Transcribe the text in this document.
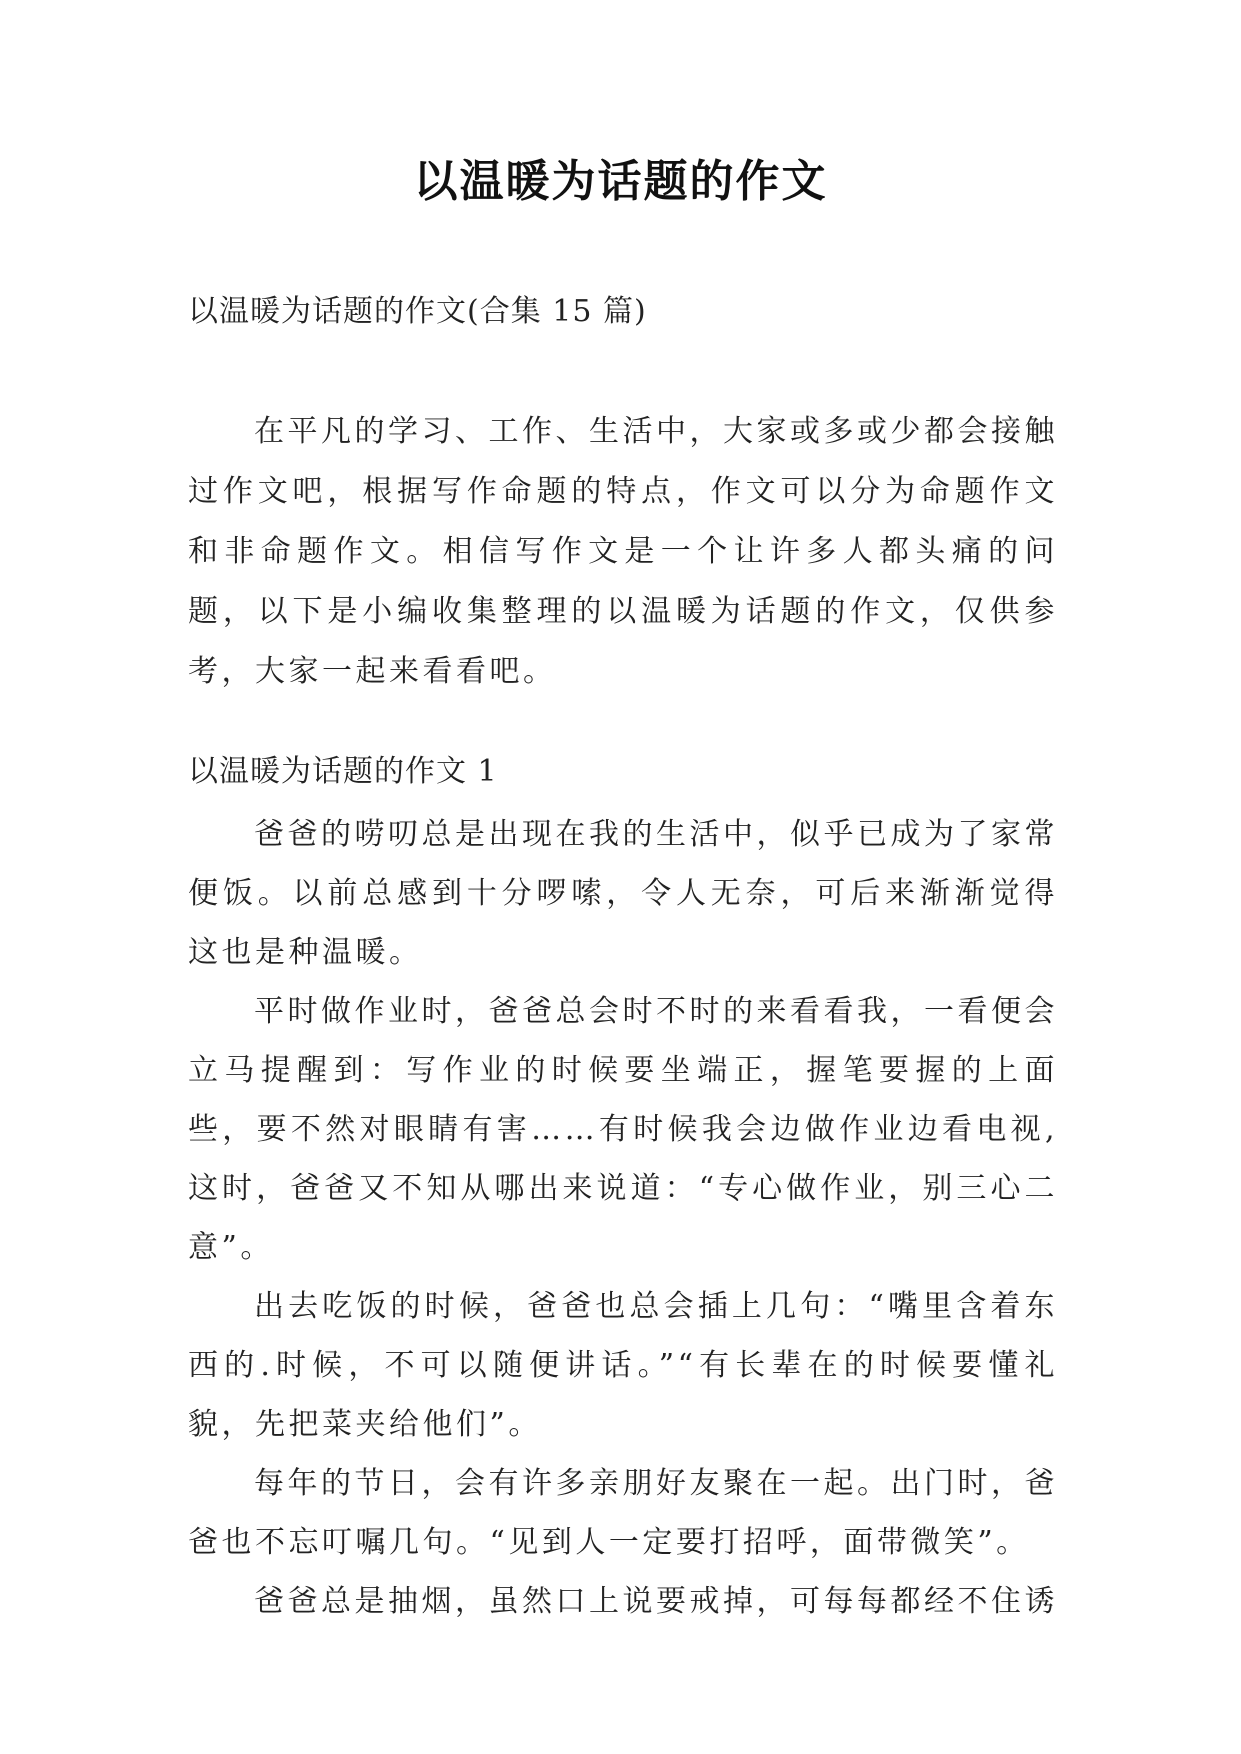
以温暖为话题的作文

以温暖为话题的作文(合集 15 篇)

在平凡的学习、工作、生活中，大家或多或少都会接触过作文吧，根据写作命题的特点，作文可以分为命题作文和非命题作文。相信写作文是一个让许多人都头痛的问题，以下是小编收集整理的以温暖为话题的作文，仅供参考，大家一起来看看吧。

以温暖为话题的作文 1

爸爸的唠叨总是出现在我的生活中，似乎已成为了家常便饭。以前总感到十分啰嗦，令人无奈，可后来渐渐觉得这也是种温暖。

平时做作业时，爸爸总会时不时的来看看我，一看便会立马提醒到：写作业的时候要坐端正，握笔要握的上面些，要不然对眼睛有害……有时候我会边做作业边看电视,这时，爸爸又不知从哪出来说道：“专心做作业，别三心二意”。

出去吃饭的时候，爸爸也总会插上几句：“嘴里含着东西的.时候，不可以随便讲话。”“有长辈在的时候要懂礼貌，先把菜夹给他们”。

每年的节日，会有许多亲朋好友聚在一起。出门时，爸爸也不忘叮嘱几句。“见到人一定要打招呼，面带微笑”。

爸爸总是抽烟，虽然口上说要戒掉，可每每都经不住诱
